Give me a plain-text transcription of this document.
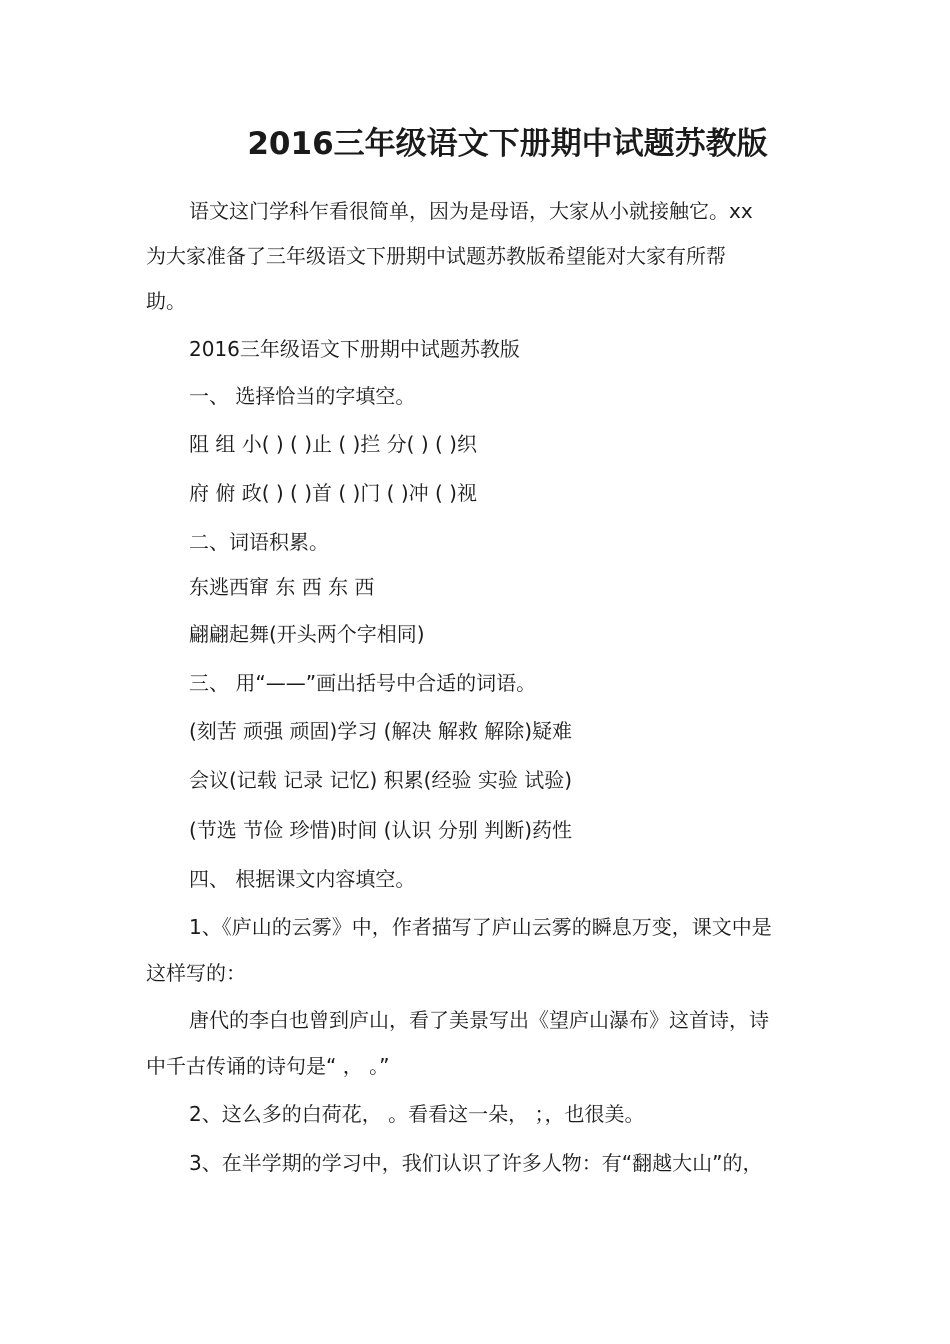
2016三年级语文下册期中试题苏教版
语文这门学科乍看很简单，因为是母语，大家从小就接触它。xx
为大家准备了三年级语文下册期中试题苏教版希望能对大家有所帮
助。
2016三年级语文下册期中试题苏教版
一、 选择恰当的字填空。
阻 组 小( ) ( )止 ( )拦 分( ) ( )织
府 俯 政( ) ( )首 ( )门 ( )冲 ( )视
二、词语积累。
东逃西窜 东 西 东 西
翩翩起舞(开头两个字相同)
三、 用“——”画出括号中合适的词语。
(刻苦 顽强 顽固)学习 (解决 解救 解除)疑难
会议(记载 记录 记忆) 积累(经验 实验 试验)
(节选 节俭 珍惜)时间 (认识 分别 判断)药性
四、 根据课文内容填空。
1、《庐山的云雾》中，作者描写了庐山云雾的瞬息万变，课文中是
这样写的：
唐代的李白也曾到庐山，看了美景写出《望庐山瀑布》这首诗，诗
中千古传诵的诗句是“ ， 。”
2、这么多的白荷花， 。看看这一朵， ；，也很美。
3、在半学期的学习中，我们认识了许多人物：有“翻越大山”的，
